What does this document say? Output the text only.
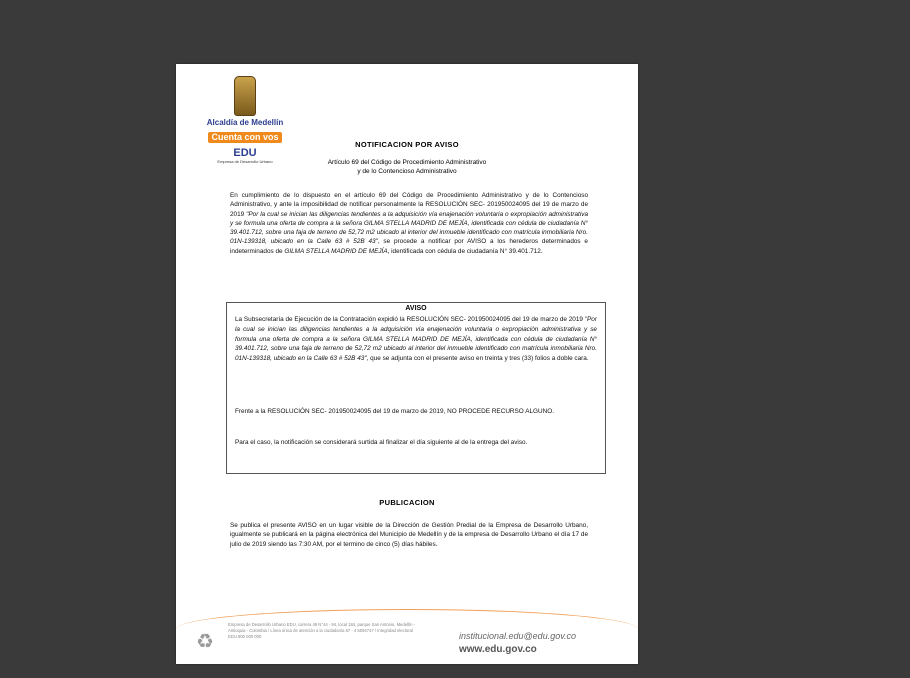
Alcaldía de Medellín
Cuenta con vos
EDU
Empresa de Desarrollo Urbano
NOTIFICACION POR AVISO
Artículo 69 del Código de Procedimiento Administrativo
y de lo Contencioso Administrativo

En cumplimiento de lo dispuesto en el artículo 69 del Código de Procedimiento Administrativo y de lo Contencioso Administrativo, y ante la imposibilidad de notificar personalmente la RESOLUCIÓN SEC- 201950024095 del 19 de marzo de 2019 "Por la cual se inician las diligencias tendientes a la adquisición vía enajenación voluntaria o expropiación administrativa y se formula una oferta de compra a la señora GILMA STELLA MADRID DE MEJÍA, identificada con cédula de ciudadanía N° 39.401.712, sobre una faja de terreno de 52,72 m2 ubicado al interior del inmueble identificado con matrícula inmobiliaria Nro. 01N-139318, ubicado en la Calle 63 # 52B 43", se procede a notificar por AVISO a los herederos determinados e indeterminados de GILMA STELLA MADRID DE MEJÍA, identificada con cédula de ciudadanía N° 39.401.712.

AVISO

La Subsecretaría de Ejecución de la Contratación expidió la RESOLUCIÓN SEC- 201950024095 del 19 de marzo de 2019 "Por la cual se inician las diligencias tendientes a la adquisición vía enajenación voluntaria o expropiación administrativa y se formula una oferta de compra a la señora GILMA STELLA MADRID DE MEJÍA, identificada con cédula de ciudadanía N° 39.401.712, sobre una faja de terreno de 52,72 m2 ubicado al interior del inmueble identificado con matrícula inmobiliaria Nro. 01N-139318, ubicado en la Calle 63 # 52B 43", que se adjunta con el presente aviso en treinta y tres (33) folios a doble cara.

Frente a la RESOLUCIÓN SEC- 201950024095 del 19 de marzo de 2019, NO PROCEDE RECURSO ALGUNO.

Para el caso, la notificación se considerará surtida al finalizar el día siguiente al de la entrega del aviso.

PUBLICACION

Se publica el presente AVISO en un lugar visible de la Dirección de Gestión Predial de la Empresa de Desarrollo Urbano, igualmente se publicará en la página electrónica del Municipio de Medellín y de la empresa de Desarrollo Urbano el día 17 de julio de 2019 siendo las 7:30 AM, por el termino de cinco (5) días hábiles.

♻
Empresa de Desarrollo Urbano EDU, carrera 49 N°44 - 94, local 184, parque San Antonio, Medellín - Antioquia - Colombia / Línea única de atención a la ciudadanía 57 - 4 5094747 / Integridad electoral EDU 800 000 000	institucional.edu@edu.gov.co
www.edu.gov.co
